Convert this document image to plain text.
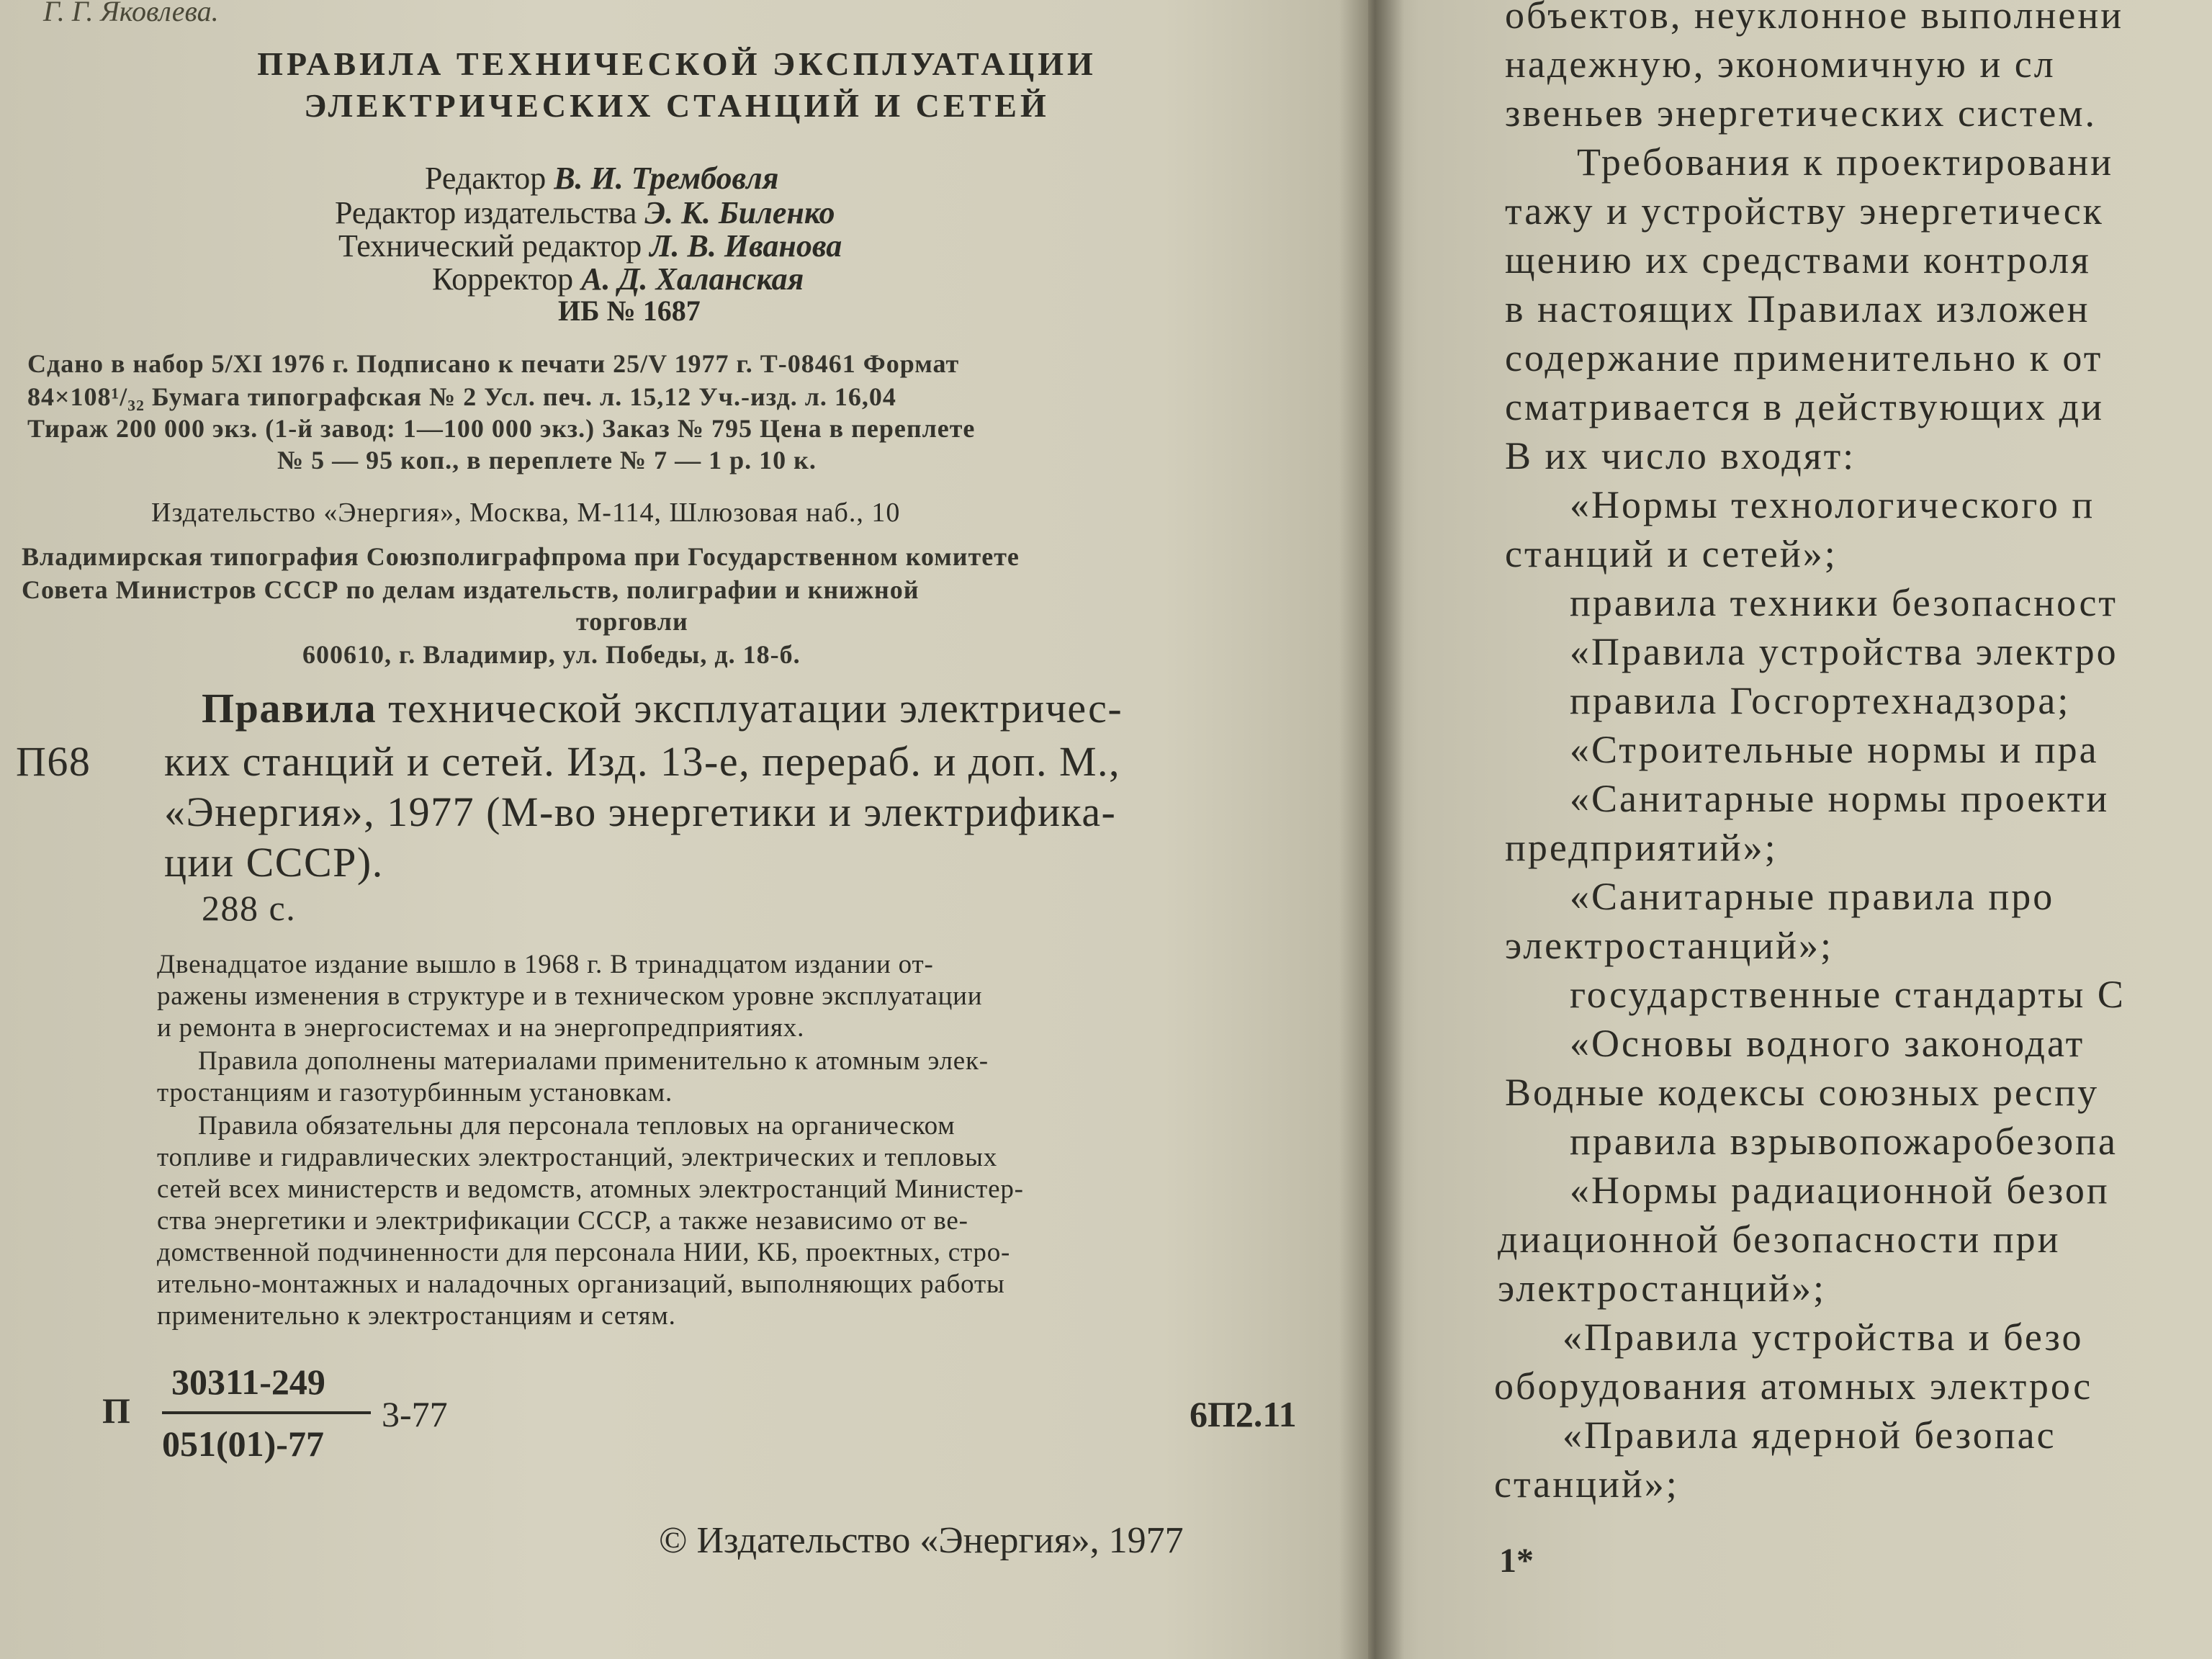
Г. Г. Яковлева.
ПРАВИЛА ТЕХНИЧЕСКОЙ ЭКСПЛУАТАЦИИ
ЭЛЕКТРИЧЕСКИХ СТАНЦИЙ И СЕТЕЙ
Редактор В. И. Трембовля
Редактор издательства Э. К. Биленко
Технический редактор Л. В. Иванова
Корректор А. Д. Халанская
ИБ № 1687
Сдано в набор 5/XI 1976 г. Подписано к печати 25/V 1977 г. Т-08461 Формат
84×108¹/₃₂ Бумага типографская № 2 Усл. печ. л. 15,12 Уч.-изд. л. 16,04
Тираж 200 000 экз. (1-й завод: 1—100 000 экз.) Заказ № 795 Цена в переплете
№ 5 — 95 коп., в переплете № 7 — 1 р. 10 к.
Издательство «Энергия», Москва, М-114, Шлюзовая наб., 10
Владимирская типография Союзполиграфпрома при Государственном комитете
Совета Министров СССР по делам издательств, полиграфии и книжной
торговли
600610, г. Владимир, ул. Победы, д. 18-б.
Правила технической эксплуатации электричес-
П68 ких станций и сетей. Изд. 13-е, перераб. и доп. М.,
«Энергия», 1977 (М-во энергетики и электрифика-
ции СССР).
288 с.
Двенадцатое издание вышло в 1968 г. В тринадцатом издании от-
ражены изменения в структуре и в техническом уровне эксплуатации
и ремонта в энергосистемах и на энергопредприятиях.
Правила дополнены материалами применительно к атомным элек-
тростанциям и газотурбинным установкам.
Правила обязательны для персонала тепловых на органическом
топливе и гидравлических электростанций, электрических и тепловых
сетей всех министерств и ведомств, атомных электростанций Министер-
ства энергетики и электрификации СССР, а также независимо от ве-
домственной подчиненности для персонала НИИ, КБ, проектных, стро-
ительно-монтажных и наладочных организаций, выполняющих работы
применительно к электростанциям и сетям.
П
30311-249
051(01)-77
3-77	6П2.11
© Издательство «Энергия», 1977
объектов, неуклонное выполнени
надежную, экономичную и сл
звеньев энергетических систем.
Требования к проектировани
тажу и устройству энергетическ
щению их средствами контроля
в настоящих Правилах изложен
содержание применительно к от
сматривается в действующих ди
В их число входят:
«Нормы технологического п
станций и сетей»;
правила техники безопасност
«Правила устройства электро
правила Госгортехнадзора;
«Строительные нормы и пра
«Санитарные нормы проекти
предприятий»;
«Санитарные правила про
электростанций»;
государственные стандарты С
«Основы водного законодат
Водные кодексы союзных респу
правила взрывопожаробезопа
«Нормы радиационной безоп
диационной безопасности при
электростанций»;
«Правила устройства и безо
оборудования атомных электрос
«Правила ядерной безопас
станций»;
1*
